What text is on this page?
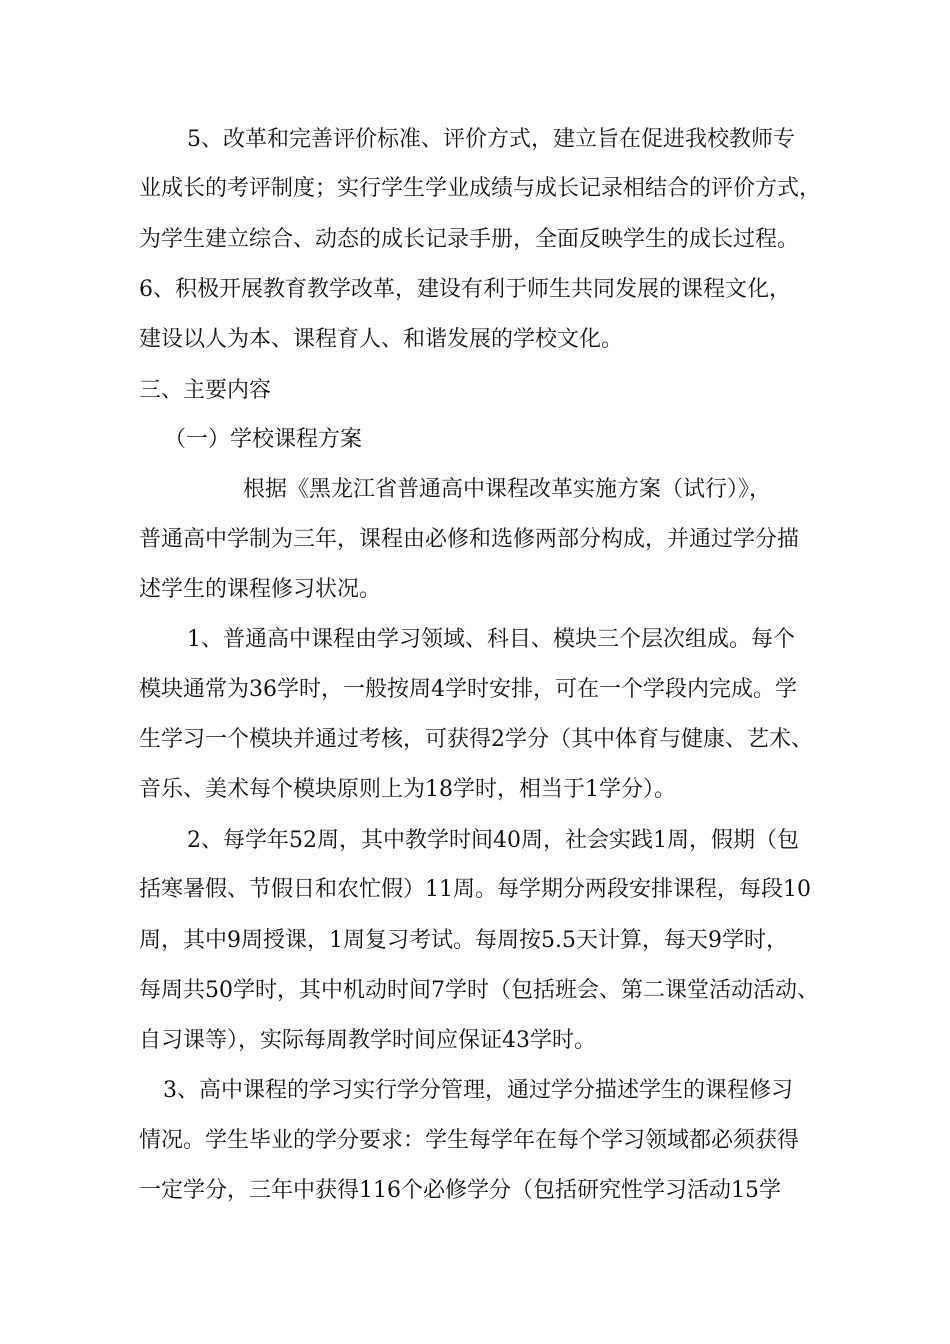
5、改革和完善评价标准、评价方式，建立旨在促进我校教师专
业成长的考评制度；实行学生学业成绩与成长记录相结合的评价方式，
为学生建立综合、动态的成长记录手册，全面反映学生的成长过程。
6、积极开展教育教学改革，建设有利于师生共同发展的课程文化，
建设以人为本、课程育人、和谐发展的学校文化。
三、主要内容
（一）学校课程方案
根据《黑龙江省普通高中课程改革实施方案（试行）》，
普通高中学制为三年，课程由必修和选修两部分构成，并通过学分描
述学生的课程修习状况。
1、普通高中课程由学习领域、科目、模块三个层次组成。每个
模块通常为36学时，一般按周4学时安排，可在一个学段内完成。学
生学习一个模块并通过考核，可获得2学分（其中体育与健康、艺术、
音乐、美术每个模块原则上为18学时，相当于1学分）。
2、每学年52周，其中教学时间40周，社会实践1周，假期（包
括寒暑假、节假日和农忙假）11周。每学期分两段安排课程，每段10
周，其中9周授课，1周复习考试。每周按5.5天计算，每天9学时，
每周共50学时，其中机动时间7学时（包括班会、第二课堂活动活动、
自习课等），实际每周教学时间应保证43学时。
3、高中课程的学习实行学分管理，通过学分描述学生的课程修习
情况。学生毕业的学分要求：学生每学年在每个学习领域都必须获得
一定学分，三年中获得116个必修学分（包括研究性学习活动15学
